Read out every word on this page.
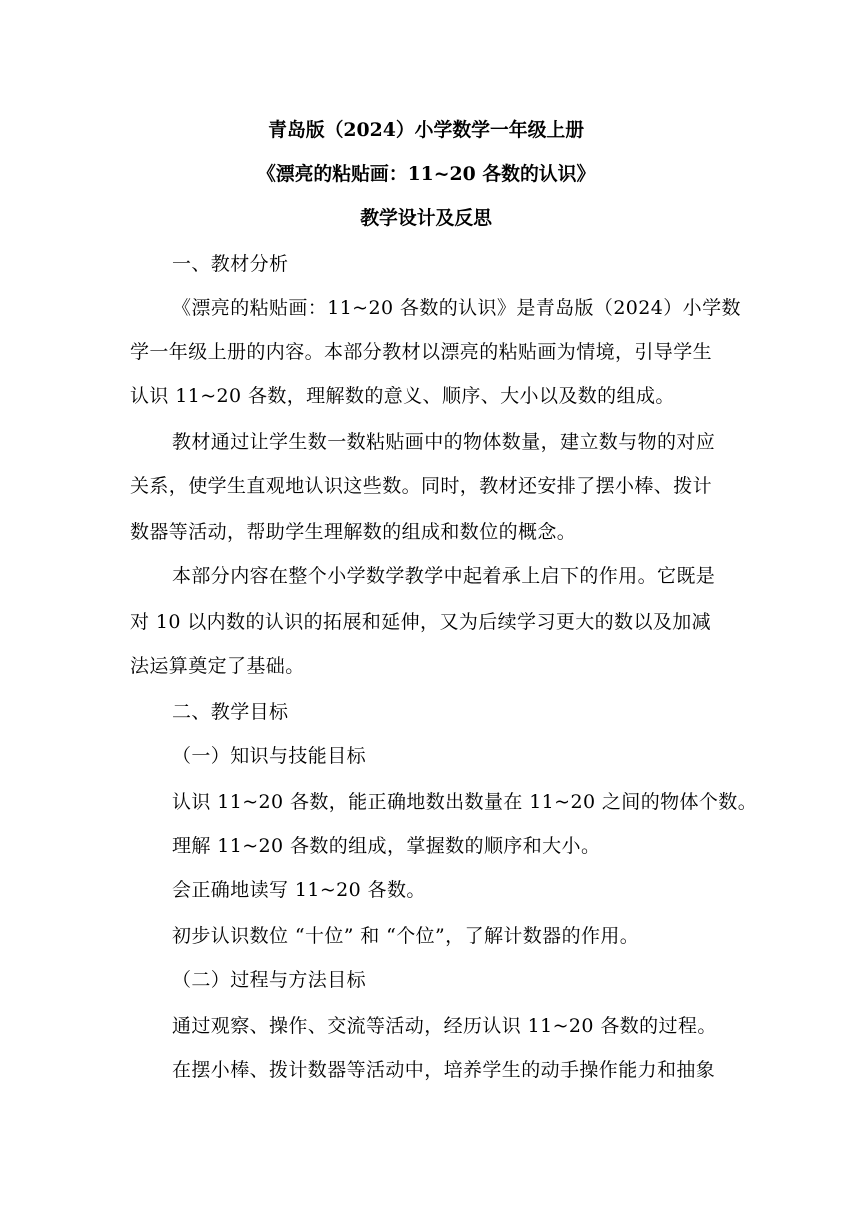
青岛版（2024）小学数学一年级上册
《漂亮的粘贴画：11~20 各数的认识》
教学设计及反思
一、教材分析
《漂亮的粘贴画：11~20 各数的认识》是青岛版（2024）小学数
学一年级上册的内容。本部分教材以漂亮的粘贴画为情境，引导学生
认识 11~20 各数，理解数的意义、顺序、大小以及数的组成。
教材通过让学生数一数粘贴画中的物体数量，建立数与物的对应
关系，使学生直观地认识这些数。同时，教材还安排了摆小棒、拨计
数器等活动，帮助学生理解数的组成和数位的概念。
本部分内容在整个小学数学教学中起着承上启下的作用。它既是
对 10 以内数的认识的拓展和延伸，又为后续学习更大的数以及加减
法运算奠定了基础。
二、教学目标
（一）知识与技能目标
认识 11~20 各数，能正确地数出数量在 11~20 之间的物体个数。
理解 11~20 各数的组成，掌握数的顺序和大小。
会正确地读写 11~20 各数。
初步认识数位 “十位” 和 “个位”，了解计数器的作用。
（二）过程与方法目标
通过观察、操作、交流等活动，经历认识 11~20 各数的过程。
在摆小棒、拨计数器等活动中，培养学生的动手操作能力和抽象
